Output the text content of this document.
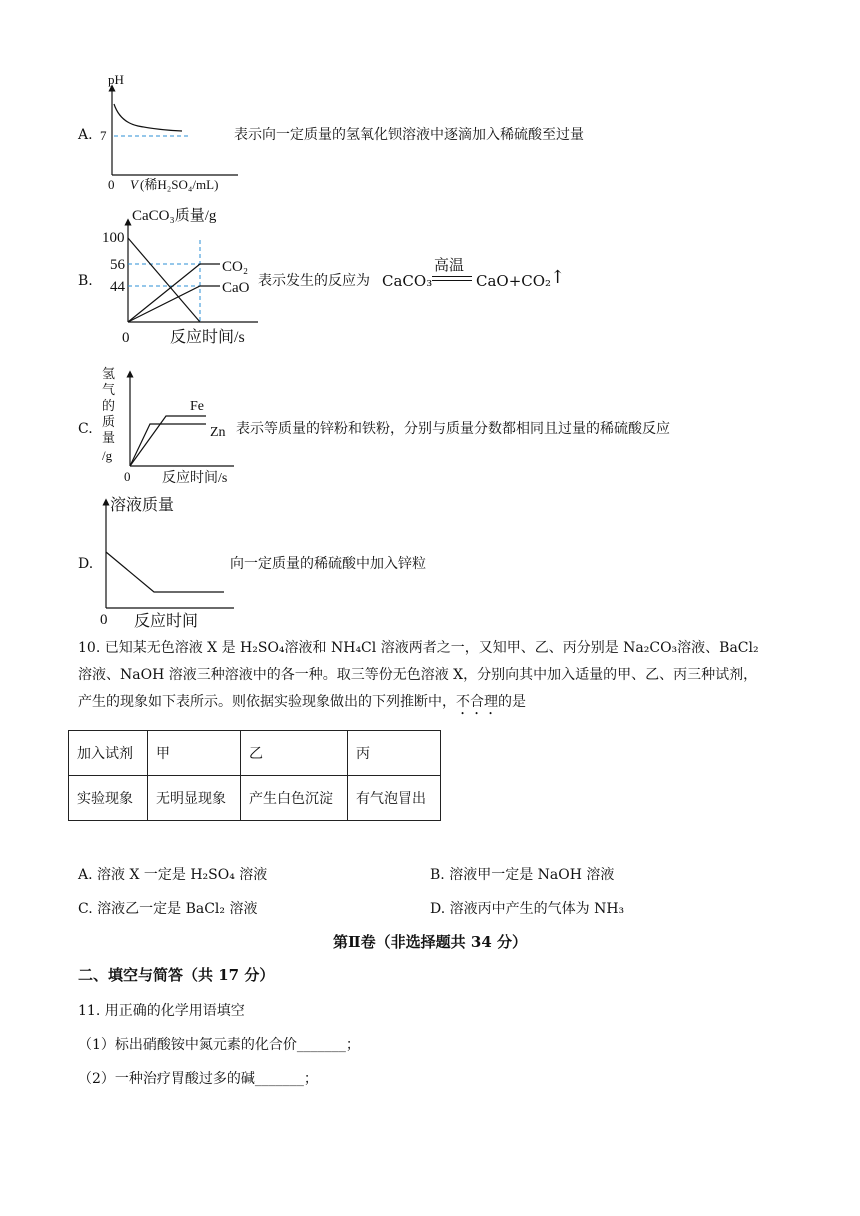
A.
pH
7
0 V (稀H₂SO₄/mL)
表示向一定质量的氢氧化钡溶液中逐滴加入稀硫酸至过量
B.
CaCO₃质量/g
100
56
44
CO₂
CaO
0	反应时间/s
表示发生的反应为 CaCO₃
高温
CaO+CO₂
↑
C.
氢
气
的
质
量
/g
Fe
Zn
0 反应时间/s
表示等质量的锌粉和铁粉，分别与质量分数都相同且过量的稀硫酸反应
D.
溶液质量
0 反应时间
向一定质量的稀硫酸中加入锌粒
10. 已知某无色溶液 X 是 H₂SO₄溶液和 NH₄Cl 溶液两者之一，又知甲、乙、丙分别是 Na₂CO₃溶液、BaCl₂
溶液、NaOH 溶液三种溶液中的各一种。取三等份无色溶液 X，分别向其中加入适量的甲、乙、丙三种试剂，
产生的现象如下表所示。则依据实验现象做出的下列推断中，不合理的是
加入试剂	甲	乙	丙
实验现象	无明显现象	产生白色沉淀	有气泡冒出
A. 溶液 X 一定是 H₂SO₄ 溶液	B. 溶液甲一定是 NaOH 溶液
C. 溶液乙一定是 BaCl₂ 溶液	D. 溶液丙中产生的气体为 NH₃
第Ⅱ卷（非选择题共 34 分）
二、填空与简答（共 17 分）
11. 用正确的化学用语填空
（1）标出硝酸铵中氮元素的化合价_______；
（2）一种治疗胃酸过多的碱_______；
